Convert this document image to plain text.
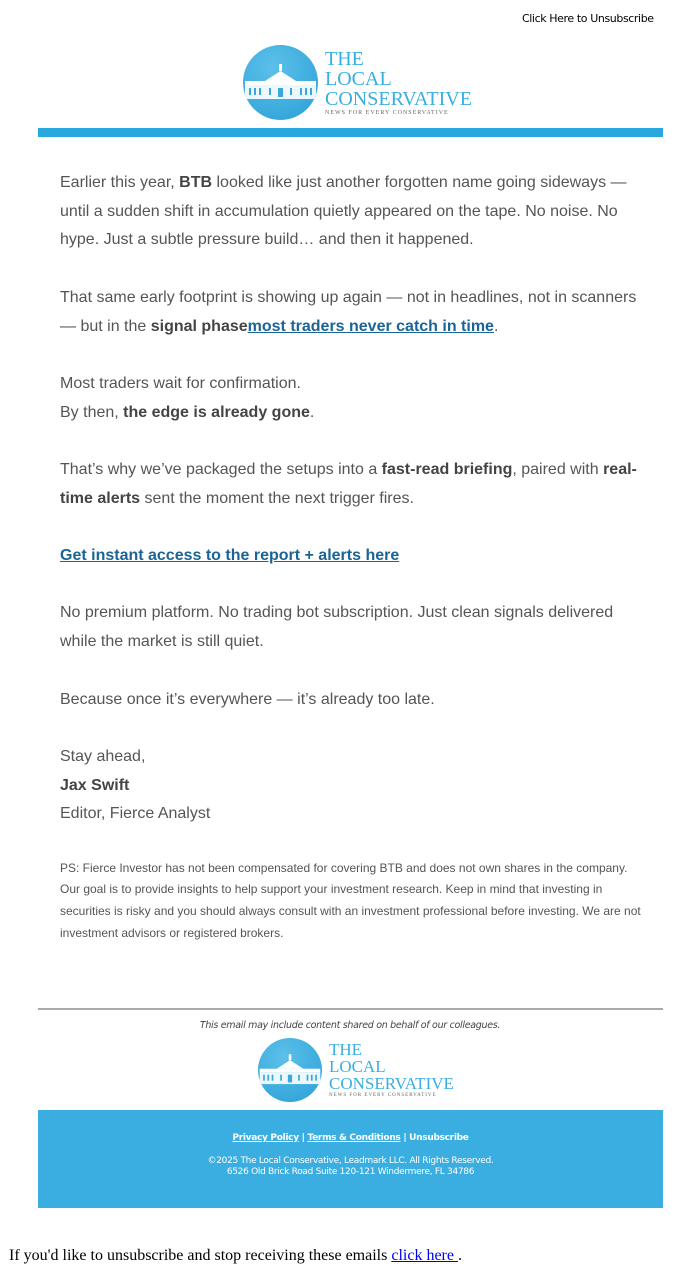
Click Here to Unsubscribe
THE
LOCAL
CONSERVATIVE
NEWS FOR EVERY CONSERVATIVE

Earlier this year, BTB looked like just another forgotten name going sideways — until a sudden shift in accumulation quietly appeared on the tape. No noise. No hype. Just a subtle pressure build… and then it happened.

That same early footprint is showing up again — not in headlines, not in scanners — but in the signal phasemost traders never catch in time.

Most traders wait for confirmation.
By then, the edge is already gone.

That’s why we’ve packaged the setups into a fast-read briefing, paired with real-time alerts sent the moment the next trigger fires.

Get instant access to the report + alerts here

No premium platform. No trading bot subscription. Just clean signals delivered while the market is still quiet.

Because once it’s everywhere — it’s already too late.

Stay ahead,
Jax Swift
Editor, Fierce Analyst

PS: Fierce Investor has not been compensated for covering BTB and does not own shares in the company. Our goal is to provide insights to help support your investment research. Keep in mind that investing in securities is risky and you should always consult with an investment professional before investing. We are not investment advisors or registered brokers.

This email may include content shared on behalf of our colleagues.
THE
LOCAL
CONSERVATIVE
NEWS FOR EVERY CONSERVATIVE
Privacy Policy | Terms & Conditions | Unsubscribe
©2025 The Local Conservative, Leadmark LLC. All Rights Reserved.
6526 Old Brick Road Suite 120-121 Windermere, FL 34786
If you'd like to unsubscribe and stop receiving these emails click here .
